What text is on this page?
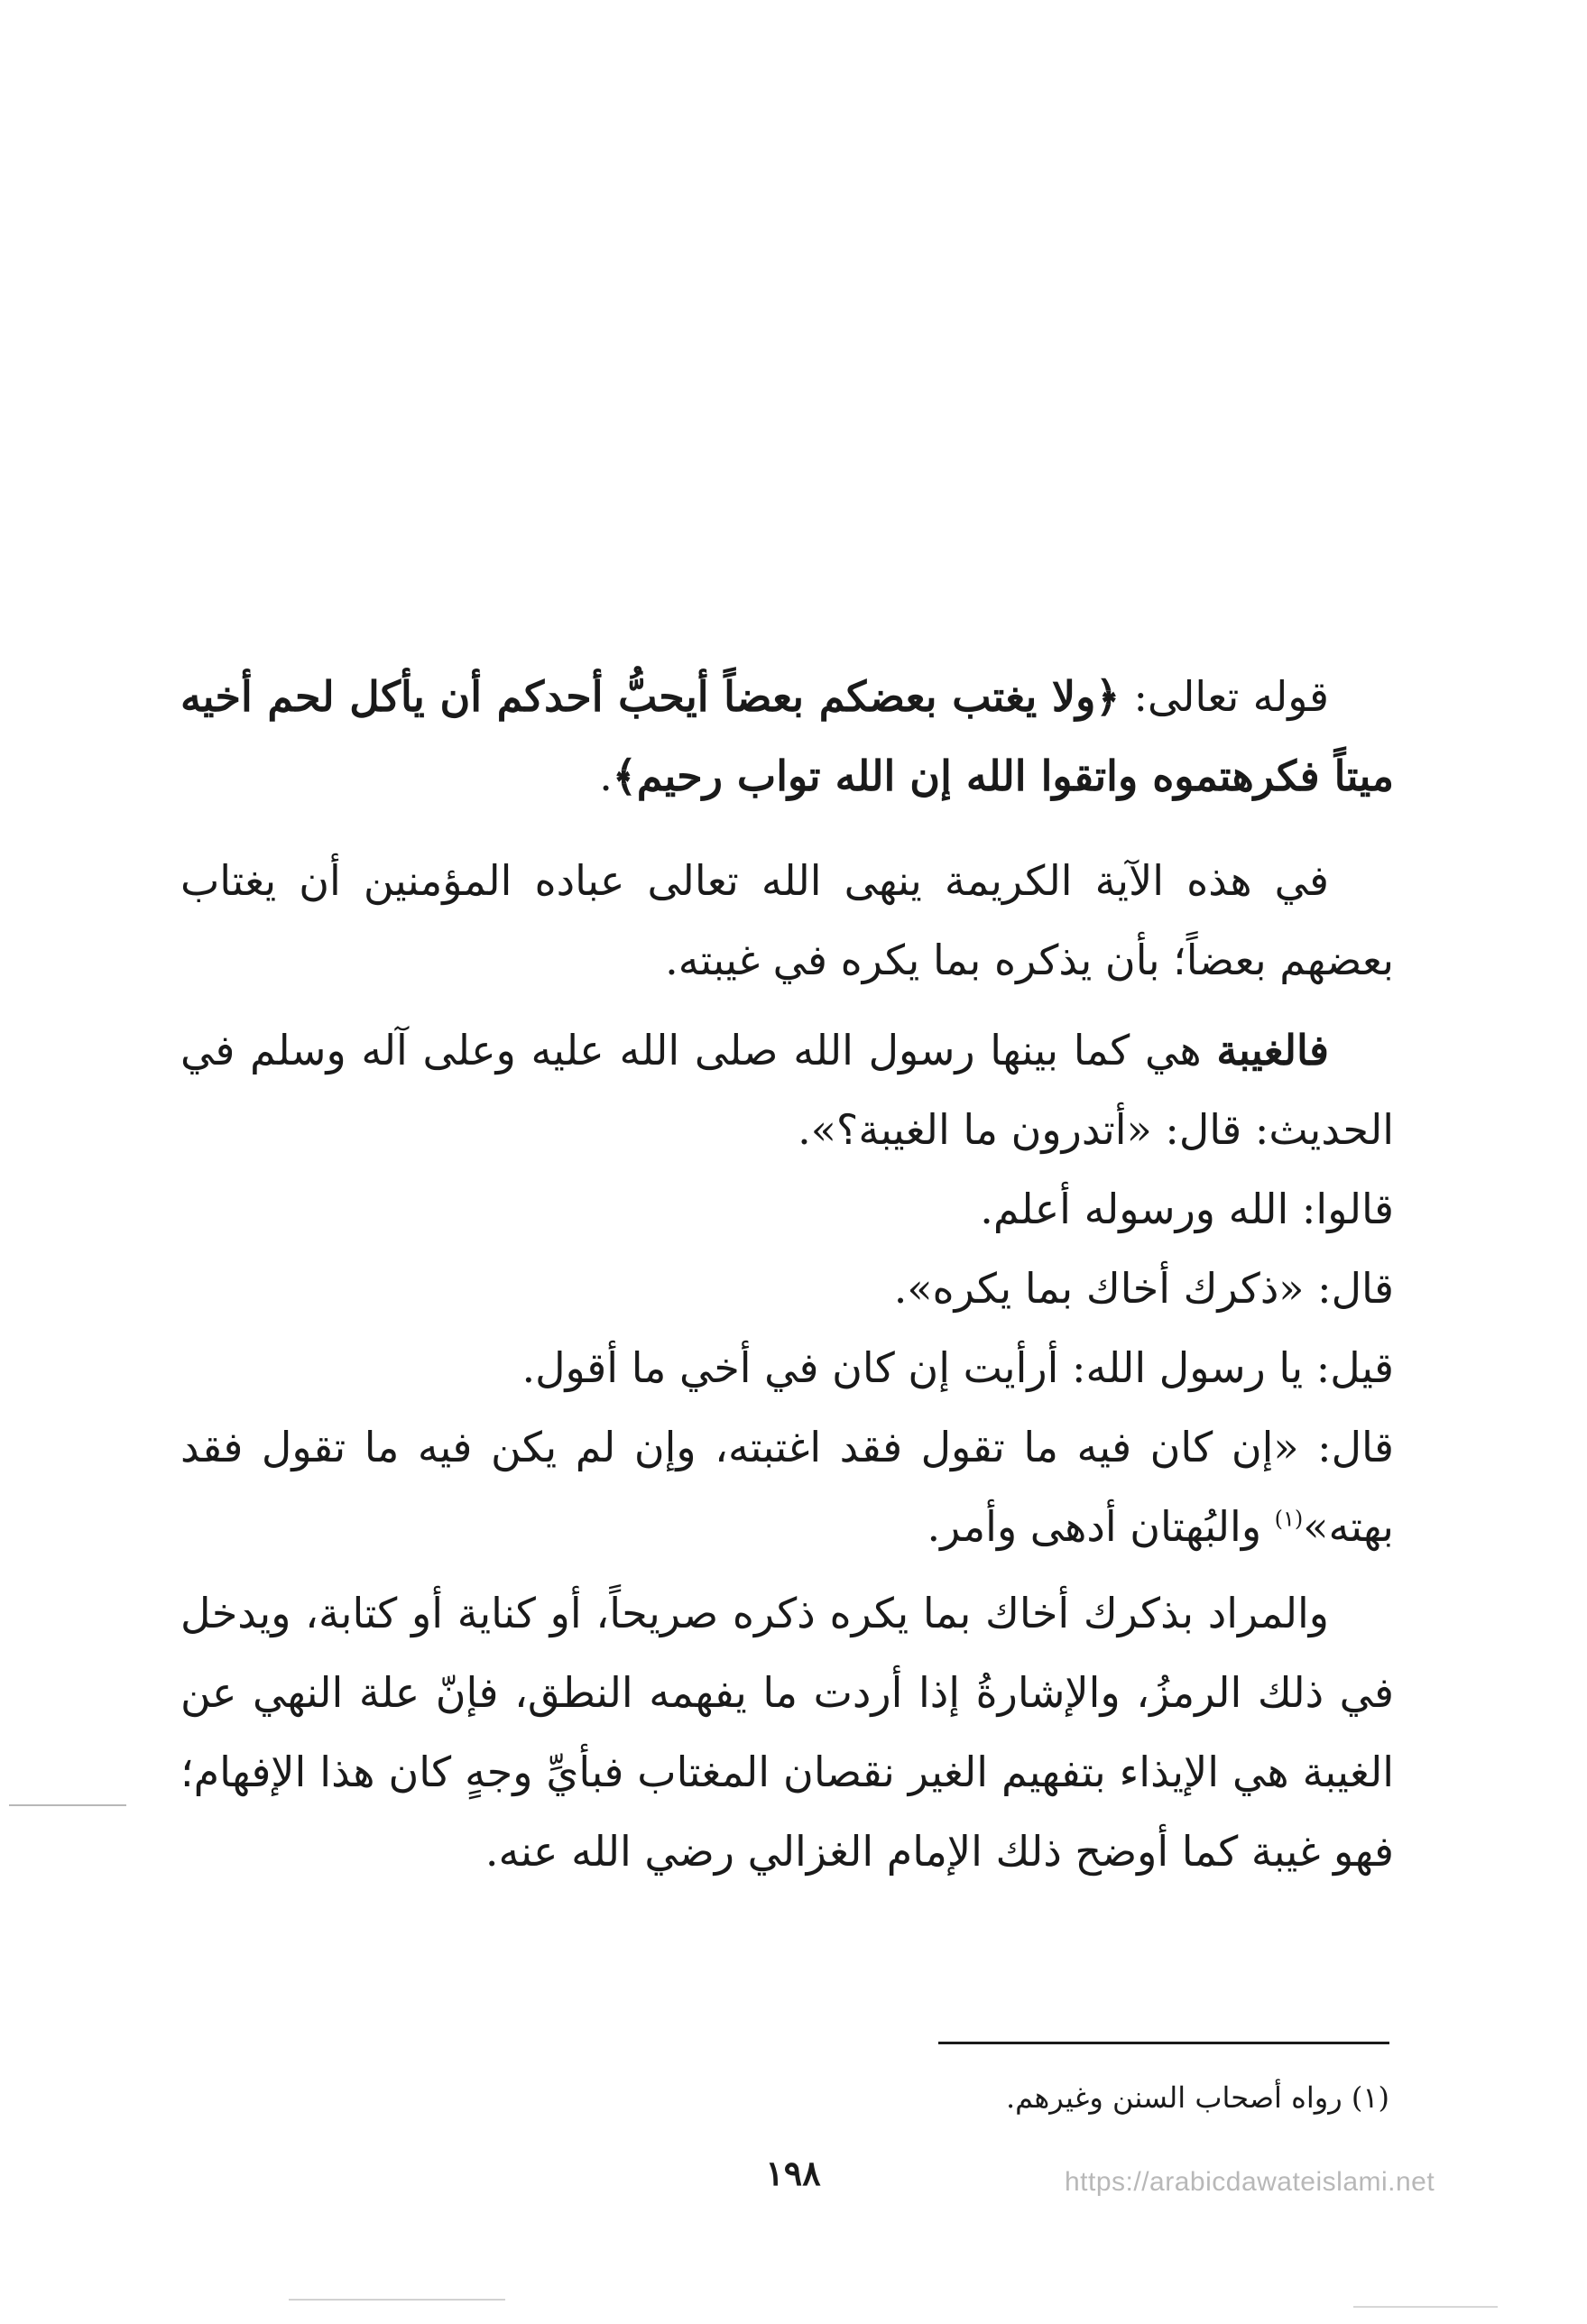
قوله تعالى: ﴿ولا يغتب بعضكم بعضاً أيحبُّ أحدكم أن يأكل لحم أخيه ميتاً فكرهتموه واتقوا الله إن الله تواب رحيم﴾.

في هذه الآية الكريمة ينهى الله تعالى عباده المؤمنين أن يغتاب بعضهم بعضاً؛ بأن يذكره بما يكره في غيبته.

فالغيبة هي كما بينها رسول الله صلى الله عليه وعلى آله وسلم في الحديث: قال: «أتدرون ما الغيبة؟».

قالوا: الله ورسوله أعلم.

قال: «ذكرك أخاك بما يكره».

قيل: يا رسول الله: أرأيت إن كان في أخي ما أقول.

قال: «إن كان فيه ما تقول فقد اغتبته، وإن لم يكن فيه ما تقول فقد بهته»$^{(١)}$ والبُهتان أدهى وأمر.

والمراد بذكرك أخاك بما يكره ذكره صريحاً، أو كناية أو كتابة، ويدخل في ذلك الرمزُ، والإشارةُ إذا أردت ما يفهمه النطق، فإنّ علة النهي عن الغيبة هي الإيذاء بتفهيم الغير نقصان المغتاب فبأيِّ وجهٍ كان هذا الإفهام؛ فهو غيبة كما أوضح ذلك الإمام الغزالي رضي الله عنه.

(١) رواه أصحاب السنن وغيرهم.
١٩٨	https://arabicdawateislami.net
